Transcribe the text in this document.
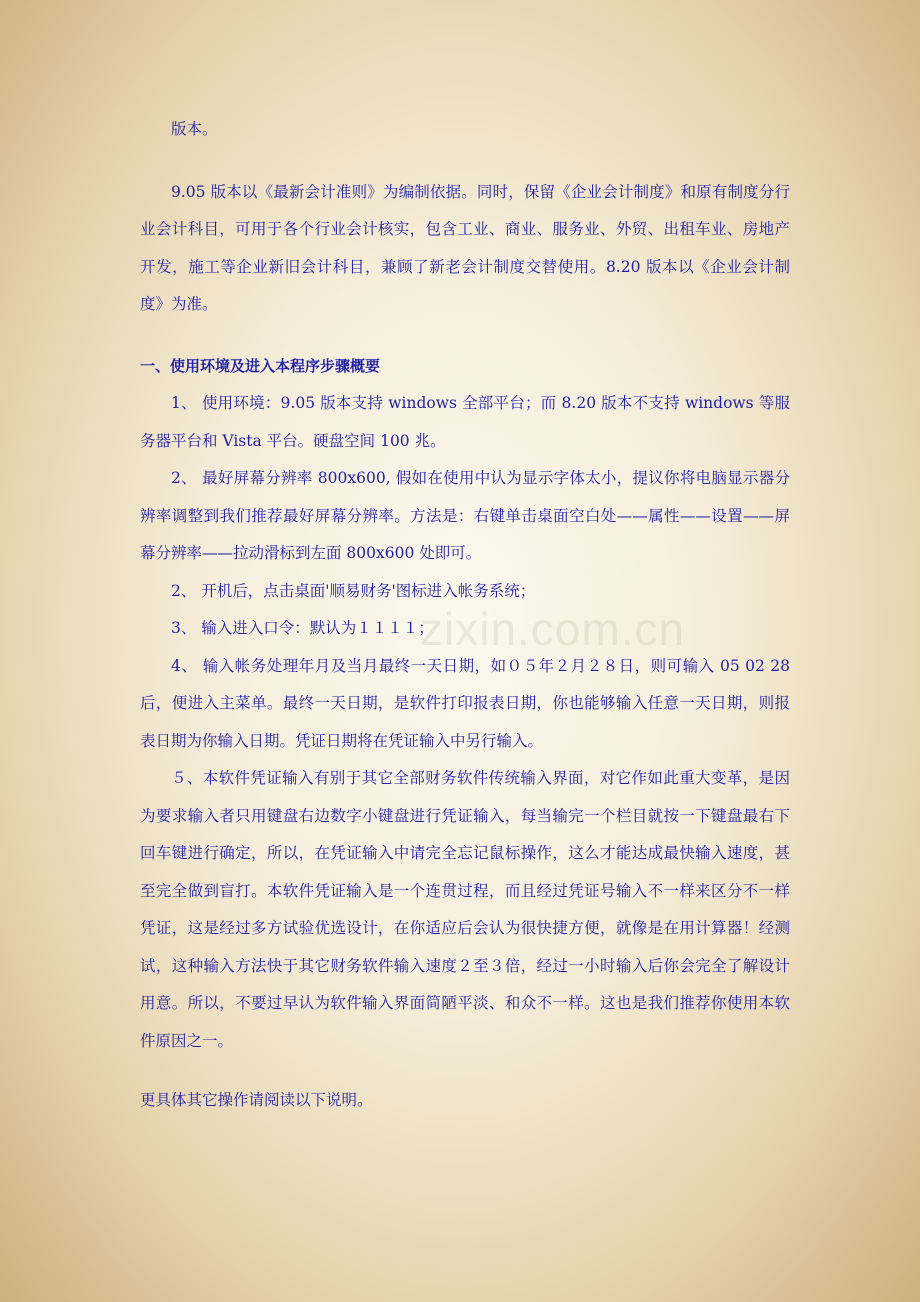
版本。

9.05 版本以《最新会计准则》为编制依据。同时，保留《企业会计制度》和原有制度分行业会计科目，可用于各个行业会计核实，包含工业、商业、服务业、外贸、出租车业、房地产开发，施工等企业新旧会计科目，兼顾了新老会计制度交替使用。8.20 版本以《企业会计制度》为准。

一、使用环境及进入本程序步骤概要

1、 使用环境：9.05 版本支持 windows 全部平台；而 8.20 版本不支持 windows 等服务器平台和 Vista 平台。硬盘空间 100 兆。

2、 最好屏幕分辨率 800x600, 假如在使用中认为显示字体太小，提议你将电脑显示器分辨率调整到我们推荐最好屏幕分辨率。方法是：右键单击桌面空白处——属性——设置——屏幕分辨率——拉动滑标到左面 800x600 处即可。

2、 开机后，点击桌面'顺易财务'图标进入帐务系统；

3、 输入进入口令：默认为１１１１；

4、 输入帐务处理年月及当月最终一天日期，如０５年２月２８日，则可输入 05 02 28 后，便进入主菜单。最终一天日期，是软件打印报表日期，你也能够输入任意一天日期，则报表日期为你输入日期。凭证日期将在凭证输入中另行输入。

５、本软件凭证输入有别于其它全部财务软件传统输入界面，对它作如此重大变革，是因为要求输入者只用键盘右边数字小键盘进行凭证输入，每当输完一个栏目就按一下键盘最右下回车键进行确定，所以，在凭证输入中请完全忘记鼠标操作，这么才能达成最快输入速度，甚至完全做到盲打。本软件凭证输入是一个连贯过程，而且经过凭证号输入不一样来区分不一样凭证，这是经过多方试验优选设计，在你适应后会认为很快捷方便，就像是在用计算器！经测试，这种输入方法快于其它财务软件输入速度２至３倍，经过一小时输入后你会完全了解设计用意。所以，不要过早认为软件输入界面简陋平淡、和众不一样。这也是我们推荐你使用本软件原因之一。

更具体其它操作请阅读以下说明。

zixin.com.cn
